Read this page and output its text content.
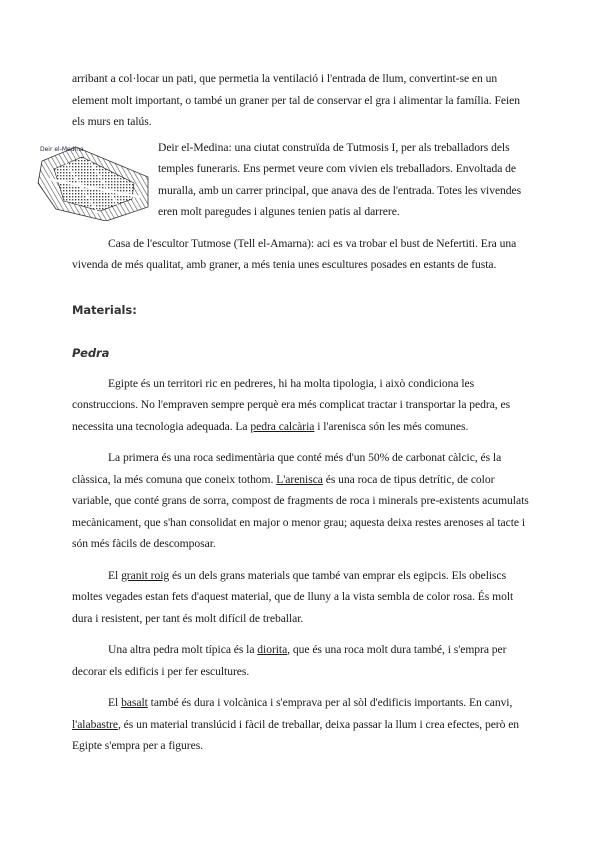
arribant a col·locar un pati, que permetia la ventilació i l'entrada de llum, convertint-se en un element molt important, o també un graner per tal de conservar el gra i alimentar la família. Feien els murs en talús.

Deir el-Medina	Deir el-Medina: una ciutat construïda de Tutmosis I, per als treballadors dels temples funeraris. Ens permet veure com vivien els treballadors. Envoltada de muralla, amb un carrer principal, que anava des de l'entrada. Totes les vivendes eren molt paregudes i algunes tenien patis al darrere.

Casa de l'escultor Tutmose (Tell el-Amarna): aci es va trobar el bust de Nefertiti. Era una vivenda de més qualitat, amb graner, a més tenia unes escultures posades en estants de fusta.

Materials:

Pedra

Egipte és un territori ric en pedreres, hi ha molta tipologia, i això condiciona les construccions. No l'empraven sempre perquè era més complicat tractar i transportar la pedra, es necessita una tecnologia adequada. La pedra calcària i l'arenisca són les més comunes.

La primera és una roca sedimentària que conté més d'un 50% de carbonat càlcic, és la clàssica, la més comuna que coneix tothom. L'arenisca és una roca de tipus detrític, de color variable, que conté grans de sorra, compost de fragments de roca i minerals pre-existents acumulats mecànicament, que s'han consolidat en major o menor grau; aquesta deixa restes arenoses al tacte i són més fàcils de descomposar.

El granit roig és un dels grans materials que també van emprar els egipcis. Els obeliscs moltes vegades estan fets d'aquest material, que de lluny a la vista sembla de color rosa. És molt dura i resistent, per tant és molt difícil de treballar.

Una altra pedra molt típica és la diorita, que és una roca molt dura també, i s'empra per decorar els edificis i per fer escultures.

El basalt també és dura i volcànica i s'emprava per al sòl d'edificis importants. En canvi, l'alabastre, és un material translúcid i fàcil de treballar, deixa passar la llum i crea efectes, però en Egipte s'empra per a figures.
